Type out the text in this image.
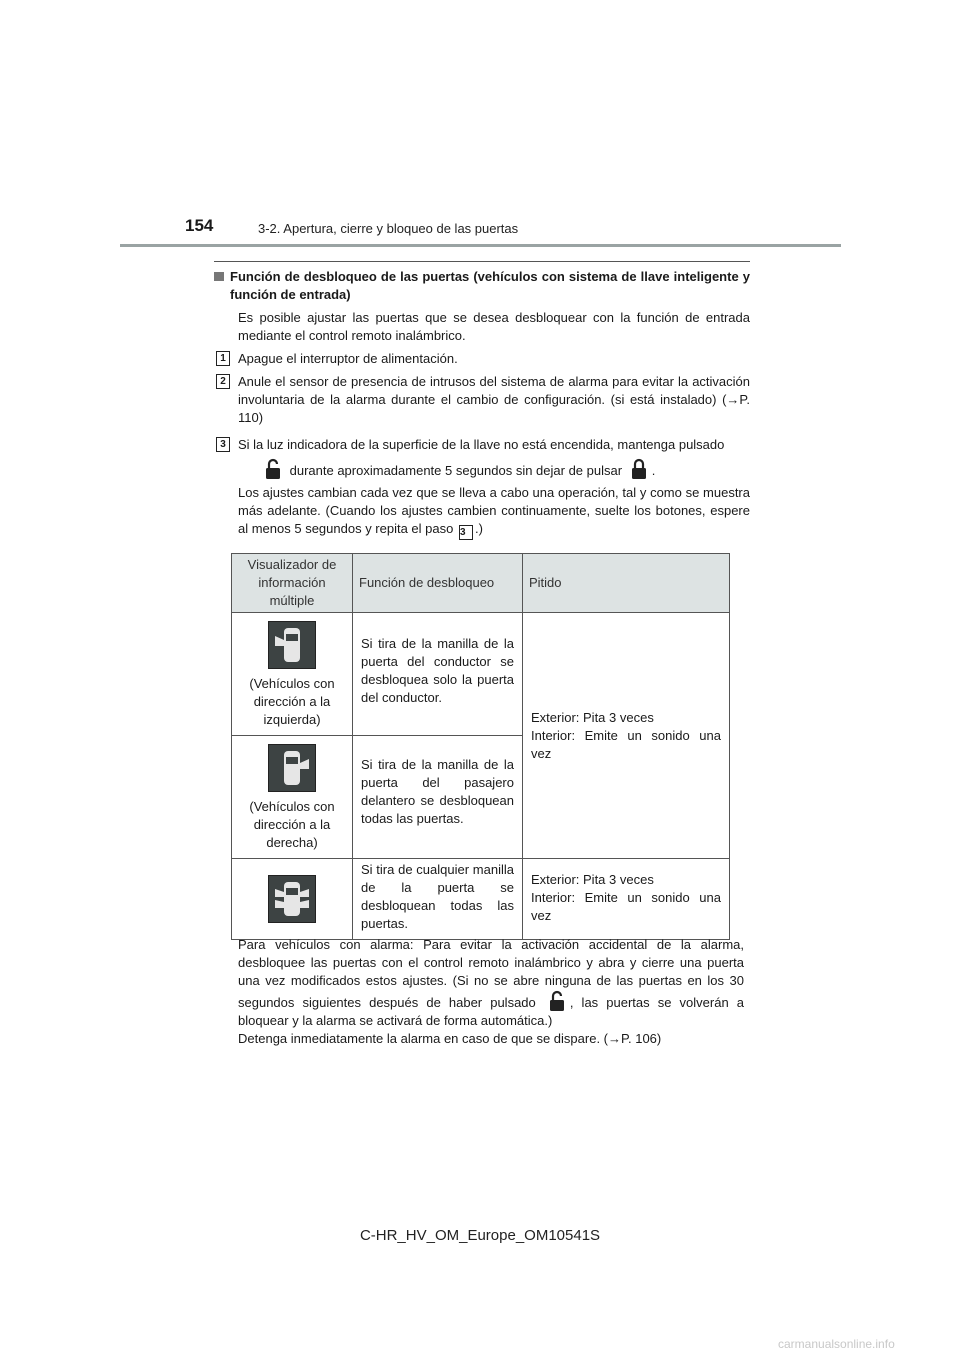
154	3-2. Apertura, cierre y bloqueo de las puertas
Función de desbloqueo de las puertas (vehículos con sistema de llave inteligente y función de entrada)
Es posible ajustar las puertas que se desea desbloquear con la función de entrada mediante el control remoto inalámbrico.
1 Apague el interruptor de alimentación.
2 Anule el sensor de presencia de intrusos del sistema de alarma para evitar la activación involuntaria de la alarma durante el cambio de configuración. (si está instalado) (→P. 110)
3 Si la luz indicadora de la superficie de la llave no está encendida, mantenga pulsado
durante aproximadamente 5 segundos sin dejar de pulsar .
Los ajustes cambian cada vez que se lleva a cabo una operación, tal y como se muestra más adelante. (Cuando los ajustes cambien continuamente, suelte los botones, espere al menos 5 segundos y repita el paso 3 .)
Visualizador de información múltiple	Función de desbloqueo	Pitido

(Vehículos con dirección a la izquierda)	Si tira de la manilla de la puerta del conductor se desbloquea solo la puerta del conductor.	Exterior: Pita 3 veces
Interior: Emite un sonido una vez

(Vehículos con dirección a la derecha)	Si tira de la manilla de la puerta del pasajero delantero se desbloquean todas las puertas.	

	Si tira de cualquier manilla de la puerta se desbloquean todas las puertas.	Exterior: Pita 3 veces
Interior: Emite un sonido una vez
Para vehículos con alarma: Para evitar la activación accidental de la alarma, desbloquee las puertas con el control remoto inalámbrico y abra y cierre una puerta una vez modificados estos ajustes. (Si no se abre ninguna de las puertas en los 30 segundos siguientes después de haber pulsado	, las puertas se volverán a bloquear y la alarma se activará de forma automática.)
Detenga inmediatamente la alarma en caso de que se dispare. (→P. 106)
C-HR_HV_OM_Europe_OM10541S
carmanualsonline.info
